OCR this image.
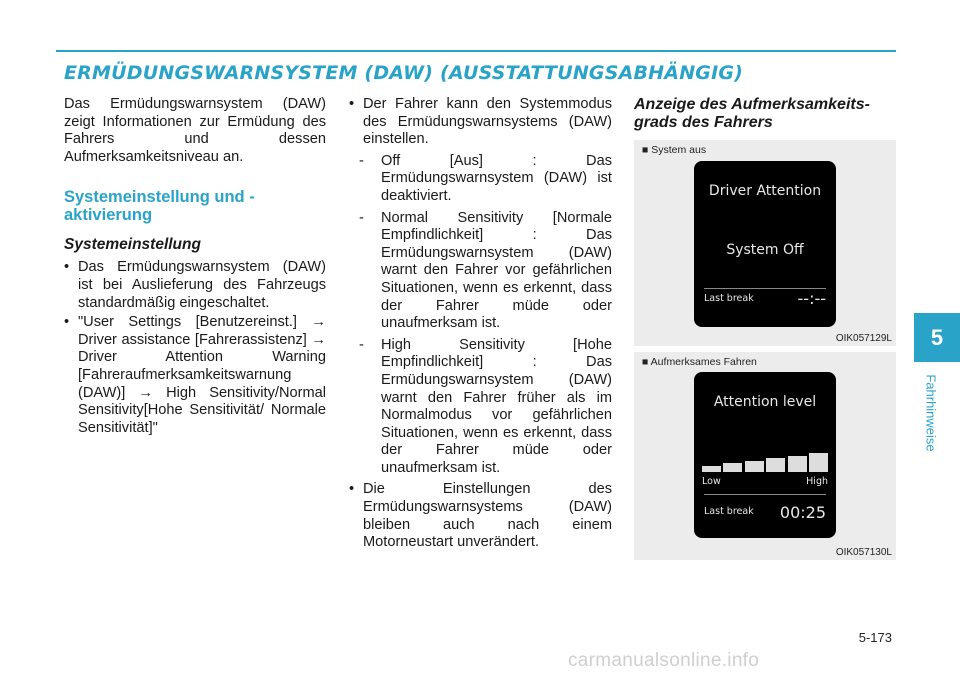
ERMÜDUNGSWARNSYSTEM (DAW) (AUSSTATTUNGSABHÄNGIG)

Das Ermüdungswarnsystem (DAW) zeigt Informationen zur Ermüdung des Fahrers und dessen Aufmerksamkeitsniveau an.

Systemeinstellung und -aktivierung
Systemeinstellung
• Das Ermüdungswarnsystem (DAW) ist bei Auslieferung des Fahrzeugs standardmäßig eingeschaltet.
• "User Settings [Benutzereinst.] → Driver assistance [Fahrerassistenz] → Driver Attention Warning [Fahreraufmerksamkeitswarnung (DAW)] → High Sensitivity/Normal Sensitivity[Hohe Sensitivität/ Normale Sensitivität]"
• Der Fahrer kann den Systemmodus des Ermüdungswarnsystems (DAW) einstellen.
- Off [Aus] : Das Ermüdungswarnsystem (DAW) ist deaktiviert.
- Normal Sensitivity [Normale Empfindlichkeit] : Das Ermüdungswarnsystem (DAW) warnt den Fahrer vor gefährlichen Situationen, wenn es erkennt, dass der Fahrer müde oder unaufmerksam ist.
- High Sensitivity [Hohe Empfindlichkeit] : Das Ermüdungswarnsystem (DAW) warnt den Fahrer früher als im Normalmodus vor gefährlichen Situationen, wenn es erkennt, dass der Fahrer müde oder unaufmerksam ist.
• Die Einstellungen des Ermüdungswarnsystems (DAW) bleiben auch nach einem Motorneustart unverändert.
Anzeige des Aufmerksamkeits-grads des Fahrers
■ System aus
Driver Attention
System Off
Last break	--:--
OIK057129L
■ Aufmerksames Fahren
Attention level
Low	High
Last break 00:25
OIK057130L
5
Fahrhinweise
5-173
carmanualsonline.info
